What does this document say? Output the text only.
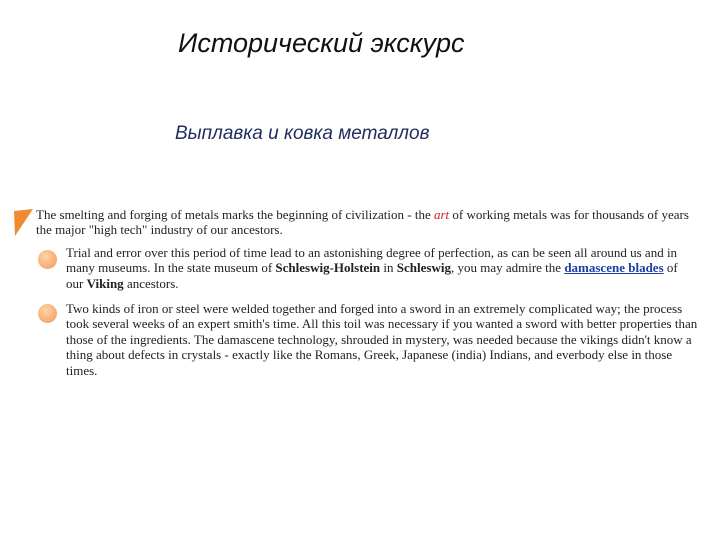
Исторический экскурс
Выплавка и ковка металлов
The smelting and forging of metals marks the beginning of civilization - the art of working metals was for thousands of years the major "high tech" industry of our ancestors.
Trial and error over this period of time lead to an astonishing degree of perfection, as can be seen all around us and in many museums. In the state museum of Schleswig-Holstein in Schleswig, you may admire the damascene blades of our Viking ancestors.
Two kinds of iron or steel were welded together and forged into a sword in an extremely complicated way; the process took several weeks of an expert smith's time. All this toil was necessary if you wanted a sword with better properties than those of the ingredients. The damascene technology, shrouded in mystery, was needed because the vikings didn't know a thing about defects in crystals - exactly like the Romans, Greek, Japanese (india) Indians, and everbody else in those times.
